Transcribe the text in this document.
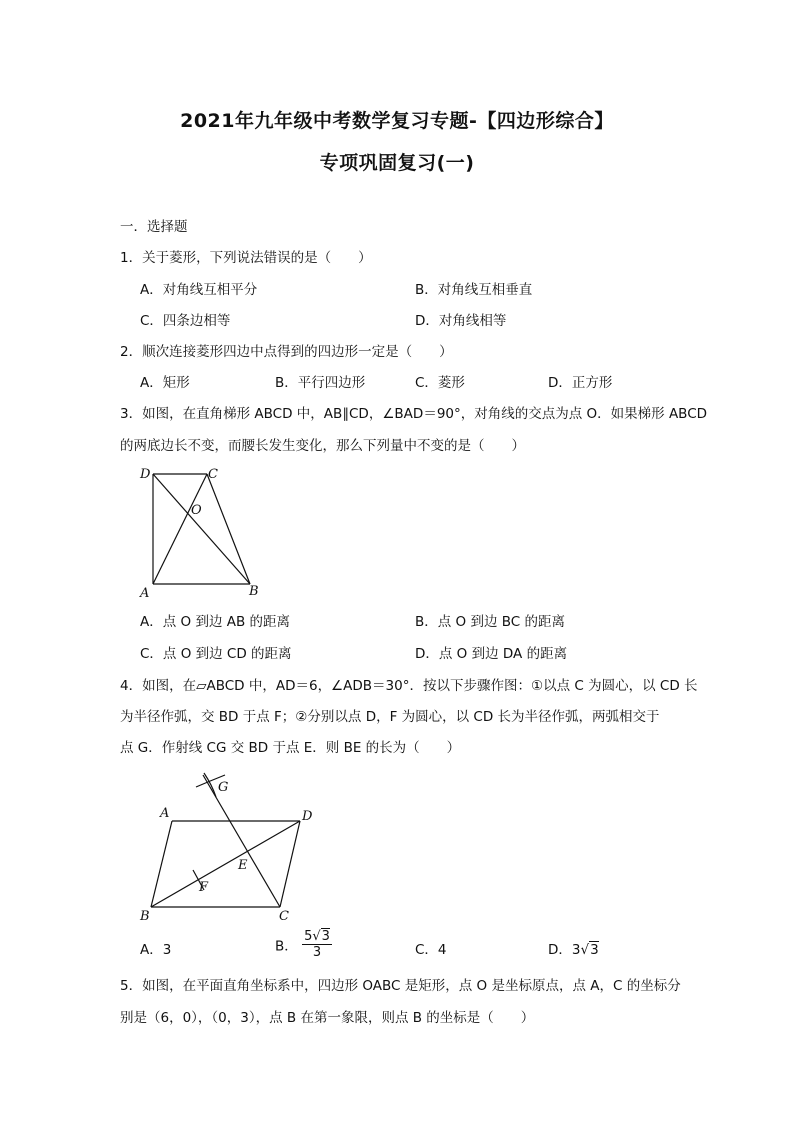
2021年九年级中考数学复习专题-【四边形综合】
专项巩固复习(一)
一．选择题
1．关于菱形，下列说法错误的是（　　）
A．对角线互相平分	B．对角线互相垂直
C．四条边相等	D．对角线相等
2．顺次连接菱形四边中点得到的四边形一定是（　　）
A．矩形	B．平行四边形	C．菱形	D．正方形
3．如图，在直角梯形 ABCD 中，AB∥CD，∠BAD＝90°，对角线的交点为点 O．如果梯形 ABCD
的两底边长不变，而腰长发生变化，那么下列量中不变的是（　　）
D	C
O
A	B
A．点 O 到边 AB 的距离	B．点 O 到边 BC 的距离
C．点 O 到边 CD 的距离	D．点 O 到边 DA 的距离
4．如图，在▱ABCD 中，AD＝6，∠ADB＝30°．按以下步骤作图：①以点 C 为圆心，以 CD 长
为半径作弧，交 BD 于点 F；②分别以点 D，F 为圆心，以 CD 长为半径作弧，两弧相交于
点 G．作射线 CG 交 BD 于点 E．则 BE 的长为（　　）
G
A	D
E
F
B	C
A．3	B． $\frac{5√3}{3}$	C．4	D．3√3
5．如图，在平面直角坐标系中，四边形 OABC 是矩形，点 O 是坐标原点，点 A，C 的坐标分
别是（6，0），（0，3），点 B 在第一象限，则点 B 的坐标是（　　）
